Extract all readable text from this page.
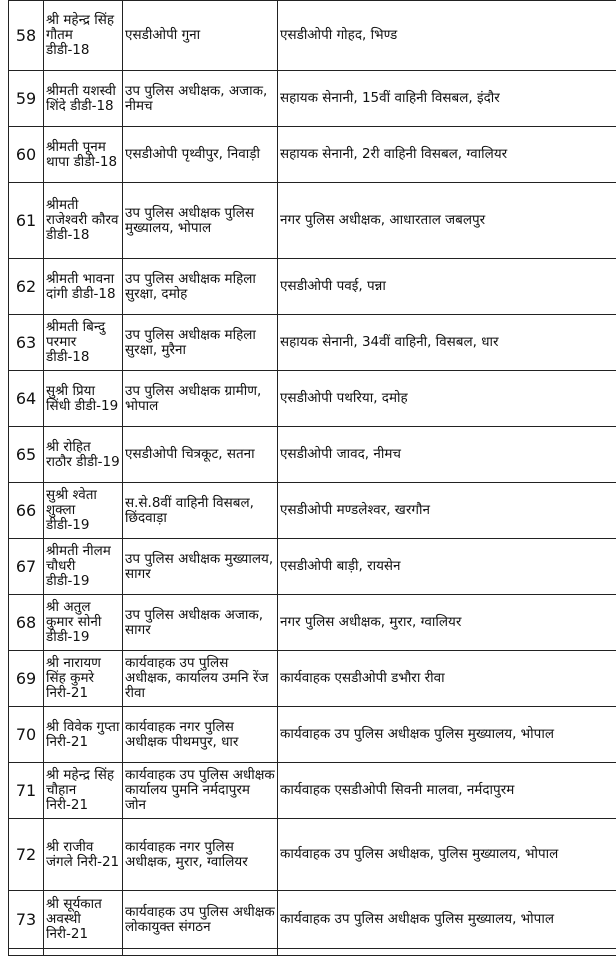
58	श्री महेन्द्र सिंह गौतम डीडी-18	एसडीओपी गुना	एसडीओपी गोहद, भिण्ड
59	श्रीमती यशस्वी शिंदे डीडी-18	उप पुलिस अधीक्षक, अजाक, नीमच	सहायक सेनानी, 15वीं वाहिनी विसबल, इंदौर
60	श्रीमती पूनम थापा डीडी-18	एसडीओपी पृथ्वीपुर, निवाड़ी	सहायक सेनानी, 2री वाहिनी विसबल, ग्वालियर
61	श्रीमती राजेश्वरी कौरव डीडी-18	उप पुलिस अधीक्षक पुलिस मुख्यालय, भोपाल	नगर पुलिस अधीक्षक, आधारताल जबलपुर
62	श्रीमती भावना दांगी डीडी-18	उप पुलिस अधीक्षक महिला सुरक्षा, दमोह	एसडीओपी पवई, पन्ना
63	श्रीमती बिन्दु परमार डीडी-18	उप पुलिस अधीक्षक महिला सुरक्षा, मुरैना	सहायक सेनानी, 34वीं वाहिनी, विसबल, धार
64	सुश्री प्रिया सिंधी डीडी-19	उप पुलिस अधीक्षक ग्रामीण, भोपाल	एसडीओपी पथरिया, दमोह
65	श्री रोहित राठौर डीडी-19	एसडीओपी चित्रकूट, सतना	एसडीओपी जावद, नीमच
66	सुश्री श्वेता शुक्ला डीडी-19	स.से.8वीं वाहिनी विसबल, छिंदवाड़ा	एसडीओपी मण्डलेश्वर, खरगौन
67	श्रीमती नीलम चौधरी डीडी-19	उप पुलिस अधीक्षक मुख्यालय, सागर	एसडीओपी बाड़ी, रायसेन
68	श्री अतुल कुमार सोनी डीडी-19	उप पुलिस अधीक्षक अजाक, सागर	नगर पुलिस अधीक्षक, मुरार, ग्वालियर
69	श्री नारायण सिंह कुमरे निरी-21	कार्यवाहक उप पुलिस अधीक्षक, कार्यालय उमनि रेंज रीवा	कार्यवाहक एसडीओपी डभौरा रीवा
70	श्री विवेक गुप्ता निरी-21	कार्यवाहक नगर पुलिस अधीक्षक पीथमपुर, धार	कार्यवाहक उप पुलिस अधीक्षक पुलिस मुख्यालय, भोपाल
71	श्री महेन्द्र सिंह चौहान निरी-21	कार्यवाहक उप पुलिस अधीक्षक कार्यालय पुमनि नर्मदापुरम जोन	कार्यवाहक एसडीओपी सिवनी मालवा, नर्मदापुरम
72	श्री राजीव जंगले निरी-21	कार्यवाहक नगर पुलिस अधीक्षक, मुरार, ग्वालियर	कार्यवाहक उप पुलिस अधीक्षक, पुलिस मुख्यालय, भोपाल
73	श्री सूर्यकात अवस्थी निरी-21	कार्यवाहक उप पुलिस अधीक्षक लोकायुक्त संगठन	कार्यवाहक उप पुलिस अधीक्षक पुलिस मुख्यालय, भोपाल
